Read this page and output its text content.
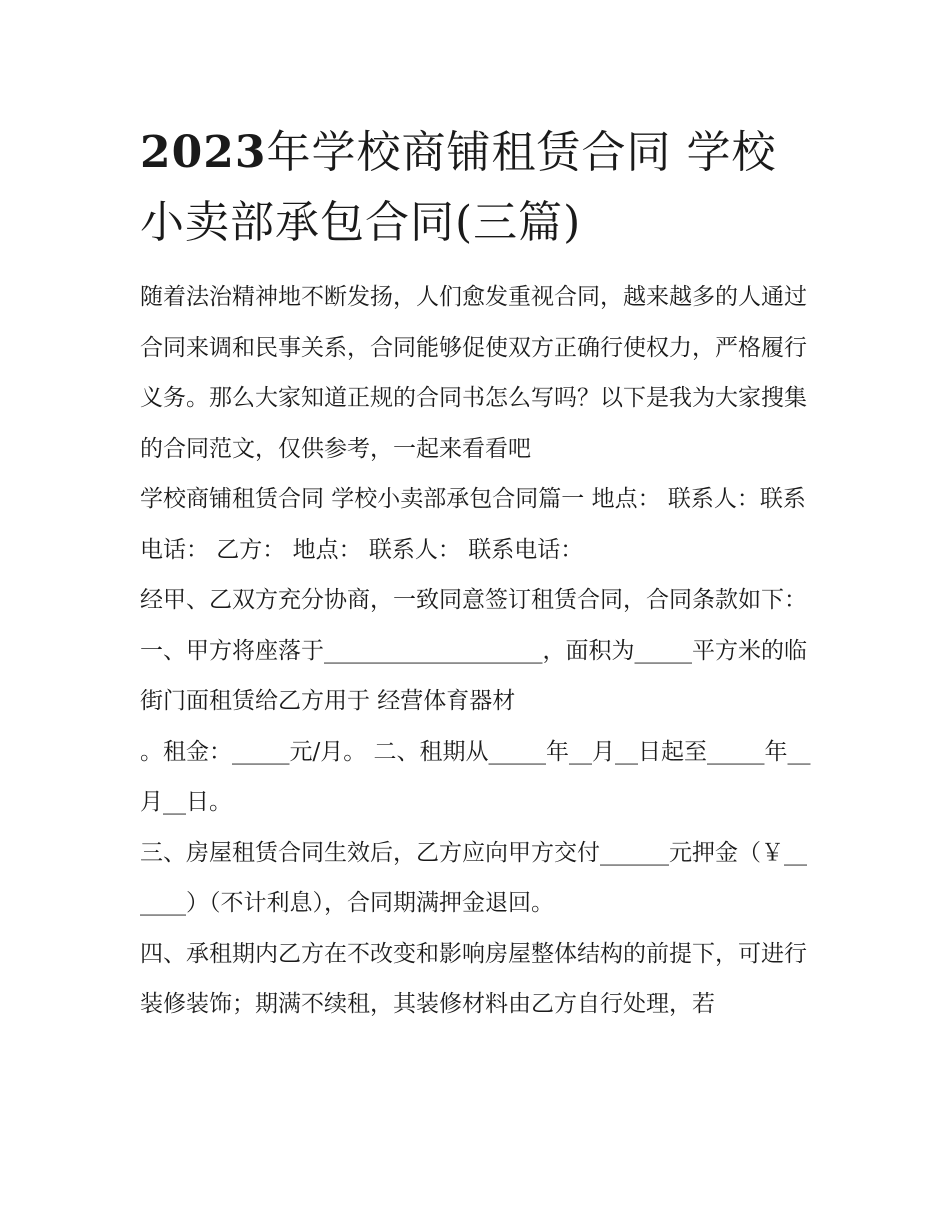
2023年学校商铺租赁合同 学校小卖部承包合同(三篇)

随着法治精神地不断发扬，人们愈发重视合同，越来越多的人通过合同来调和民事关系，合同能够促使双方正确行使权力，严格履行义务。那么大家知道正规的合同书怎么写吗？以下是我为大家搜集的合同范文，仅供参考，一起来看看吧

学校商铺租赁合同 学校小卖部承包合同篇一 地点： 联系人：联系电话： 乙方： 地点： 联系人： 联系电话：

经甲、乙双方充分协商，一致同意签订租赁合同，合同条款如下：

一、甲方将座落于___________________，面积为_____平方米的临街门面租赁给乙方用于 经营体育器材

。租金：_____元/月。 二、租期从_____年__月__日起至_____年__月__日。

三、房屋租赁合同生效后，乙方应向甲方交付______元押金（￥______）（不计利息），合同期满押金退回。

四、承租期内乙方在不改变和影响房屋整体结构的前提下，可进行装修装饰；期满不续租，其装修材料由乙方自行处理，若
